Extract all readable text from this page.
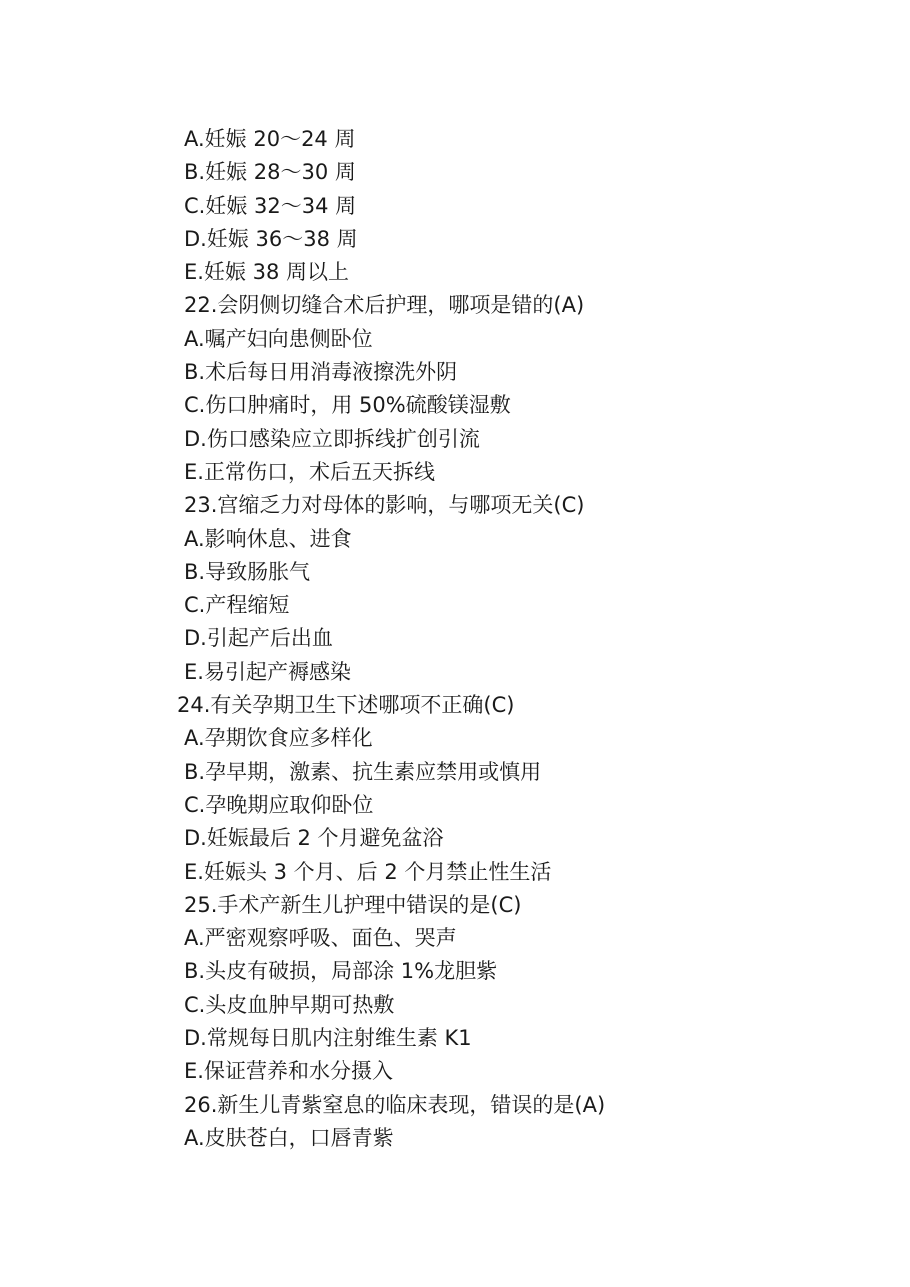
A.妊娠 20～24 周
B.妊娠 28～30 周
C.妊娠 32～34 周
D.妊娠 36～38 周
E.妊娠 38 周以上
22.会阴侧切缝合术后护理，哪项是错的(A)
A.嘱产妇向患侧卧位
B.术后每日用消毒液擦洗外阴
C.伤口肿痛时，用 50%硫酸镁湿敷
D.伤口感染应立即拆线扩创引流
E.正常伤口，术后五天拆线
23.宫缩乏力对母体的影响，与哪项无关(C)
A.影响休息、进食
B.导致肠胀气
C.产程缩短
D.引起产后出血
E.易引起产褥感染
24.有关孕期卫生下述哪项不正确(C)
A.孕期饮食应多样化
B.孕早期，激素、抗生素应禁用或慎用
C.孕晚期应取仰卧位
D.妊娠最后 2 个月避免盆浴
E.妊娠头 3 个月、后 2 个月禁止性生活
25.手术产新生儿护理中错误的是(C)
A.严密观察呼吸、面色、哭声
B.头皮有破损，局部涂 1%龙胆紫
C.头皮血肿早期可热敷
D.常规每日肌内注射维生素 K1
E.保证营养和水分摄入
26.新生儿青紫窒息的临床表现，错误的是(A)
A.皮肤苍白，口唇青紫
